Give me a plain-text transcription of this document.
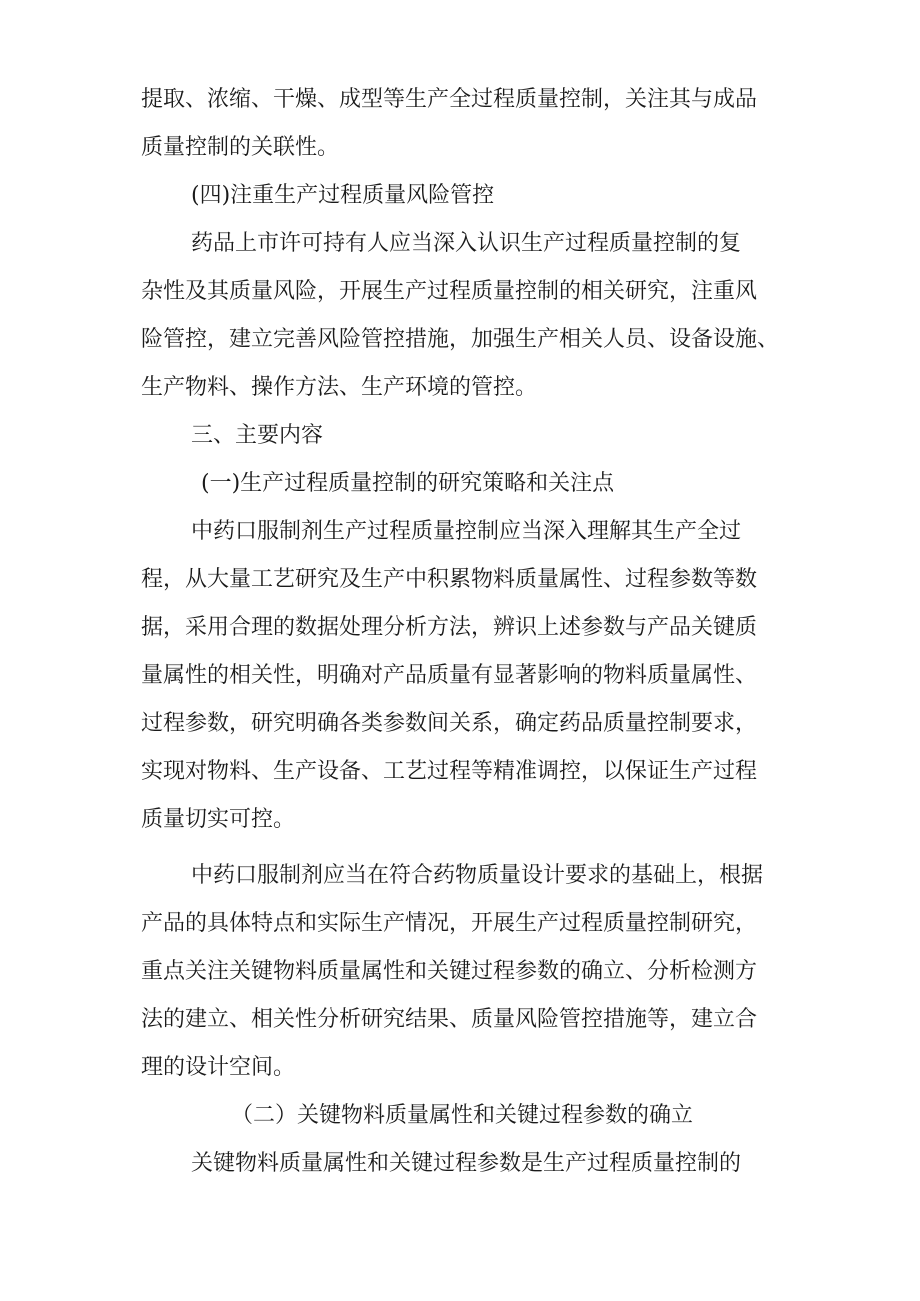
提取、浓缩、干燥、成型等生产全过程质量控制，关注其与成品

质量控制的关联性。

(四)注重生产过程质量风险管控

药品上市许可持有人应当深入认识生产过程质量控制的复

杂性及其质量风险，开展生产过程质量控制的相关研究，注重风

险管控，建立完善风险管控措施，加强生产相关人员、设备设施、

生产物料、操作方法、生产环境的管控。

三、主要内容

(一)生产过程质量控制的研究策略和关注点

中药口服制剂生产过程质量控制应当深入理解其生产全过

程，从大量工艺研究及生产中积累物料质量属性、过程参数等数

据，采用合理的数据处理分析方法，辨识上述参数与产品关键质

量属性的相关性，明确对产品质量有显著影响的物料质量属性、

过程参数，研究明确各类参数间关系，确定药品质量控制要求，

实现对物料、生产设备、工艺过程等精准调控，以保证生产过程

质量切实可控。

中药口服制剂应当在符合药物质量设计要求的基础上，根据

产品的具体特点和实际生产情况，开展生产过程质量控制研究，

重点关注关键物料质量属性和关键过程参数的确立、分析检测方

法的建立、相关性分析研究结果、质量风险管控措施等，建立合

理的设计空间。

（二）关键物料质量属性和关键过程参数的确立

关键物料质量属性和关键过程参数是生产过程质量控制的
